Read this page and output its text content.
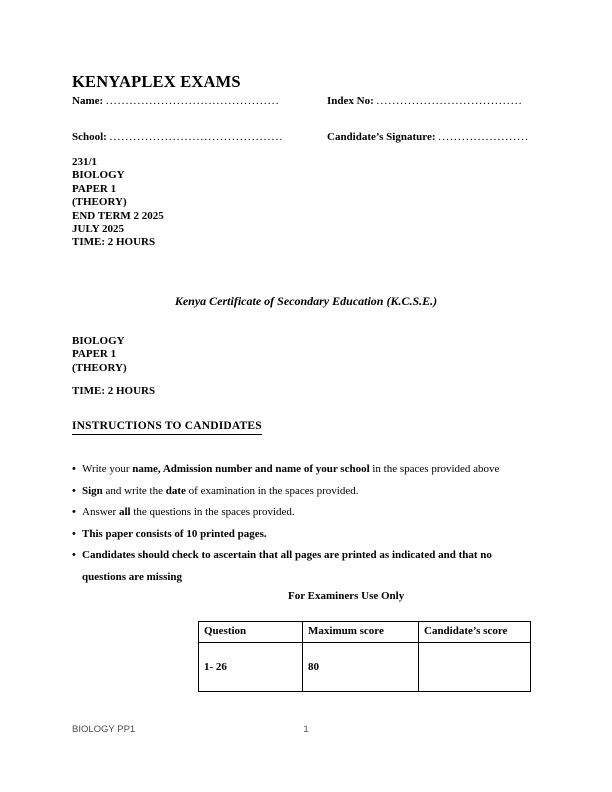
KENYAPLEX EXAMS
Name: ............................................	Index No: .....................................
School: ............................................	Candidate’s Signature: .......................
231/1
BIOLOGY
PAPER 1
(THEORY)
END TERM 2 2025
JULY 2025
TIME: 2 HOURS
Kenya Certificate of Secondary Education (K.C.S.E.)
BIOLOGY
PAPER 1
(THEORY)
TIME: 2 HOURS
INSTRUCTIONS TO CANDIDATES
• Write your name, Admission number and name of your school in the spaces provided above
• Sign and write the date of examination in the spaces provided.
• Answer all the questions in the spaces provided.
• This paper consists of 10 printed pages.
• Candidates should check to ascertain that all pages are printed as indicated and that no
questions are missing
For Examiners Use Only
Question	Maximum score	Candidate’s score
1- 26	80	
BIOLOGY PP1	1
